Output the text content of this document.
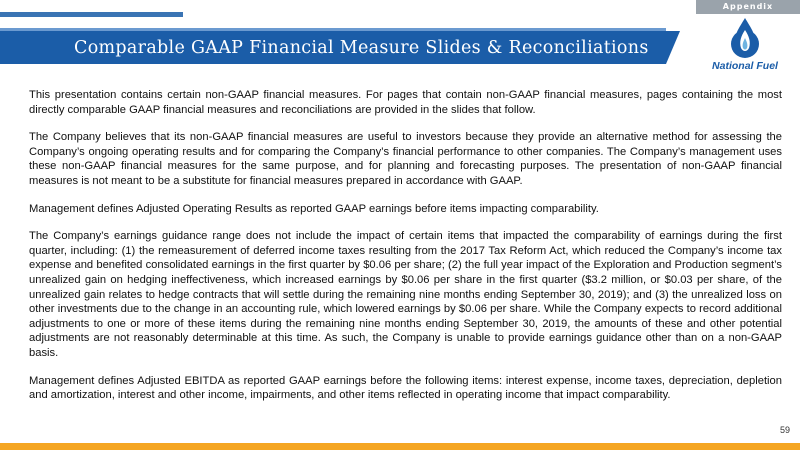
Appendix
Comparable GAAP Financial Measure Slides & Reconciliations
National Fuel

This presentation contains certain non-GAAP financial measures. For pages that contain non-GAAP financial measures, pages containing the most directly comparable GAAP financial measures and reconciliations are provided in the slides that follow.

The Company believes that its non-GAAP financial measures are useful to investors because they provide an alternative method for assessing the Company’s ongoing operating results and for comparing the Company’s financial performance to other companies. The Company’s management uses these non-GAAP financial measures for the same purpose, and for planning and forecasting purposes. The presentation of non-GAAP financial measures is not meant to be a substitute for financial measures prepared in accordance with GAAP.

Management defines Adjusted Operating Results as reported GAAP earnings before items impacting comparability.

The Company’s earnings guidance range does not include the impact of certain items that impacted the comparability of earnings during the first quarter, including: (1) the remeasurement of deferred income taxes resulting from the 2017 Tax Reform Act, which reduced the Company’s income tax expense and benefited consolidated earnings in the first quarter by $0.06 per share; (2) the full year impact of the Exploration and Production segment’s unrealized gain on hedging ineffectiveness, which increased earnings by $0.06 per share in the first quarter ($3.2 million, or $0.03 per share, of the unrealized gain relates to hedge contracts that will settle during the remaining nine months ending September 30, 2019); and (3) the unrealized loss on other investments due to the change in an accounting rule, which lowered earnings by $0.06 per share. While the Company expects to record additional adjustments to one or more of these items during the remaining nine months ending September 30, 2019, the amounts of these and other potential adjustments are not reasonably determinable at this time. As such, the Company is unable to provide earnings guidance other than on a non-GAAP basis.

Management defines Adjusted EBITDA as reported GAAP earnings before the following items: interest expense, income taxes, depreciation, depletion and amortization, interest and other income, impairments, and other items reflected in operating income that impact comparability.

59
